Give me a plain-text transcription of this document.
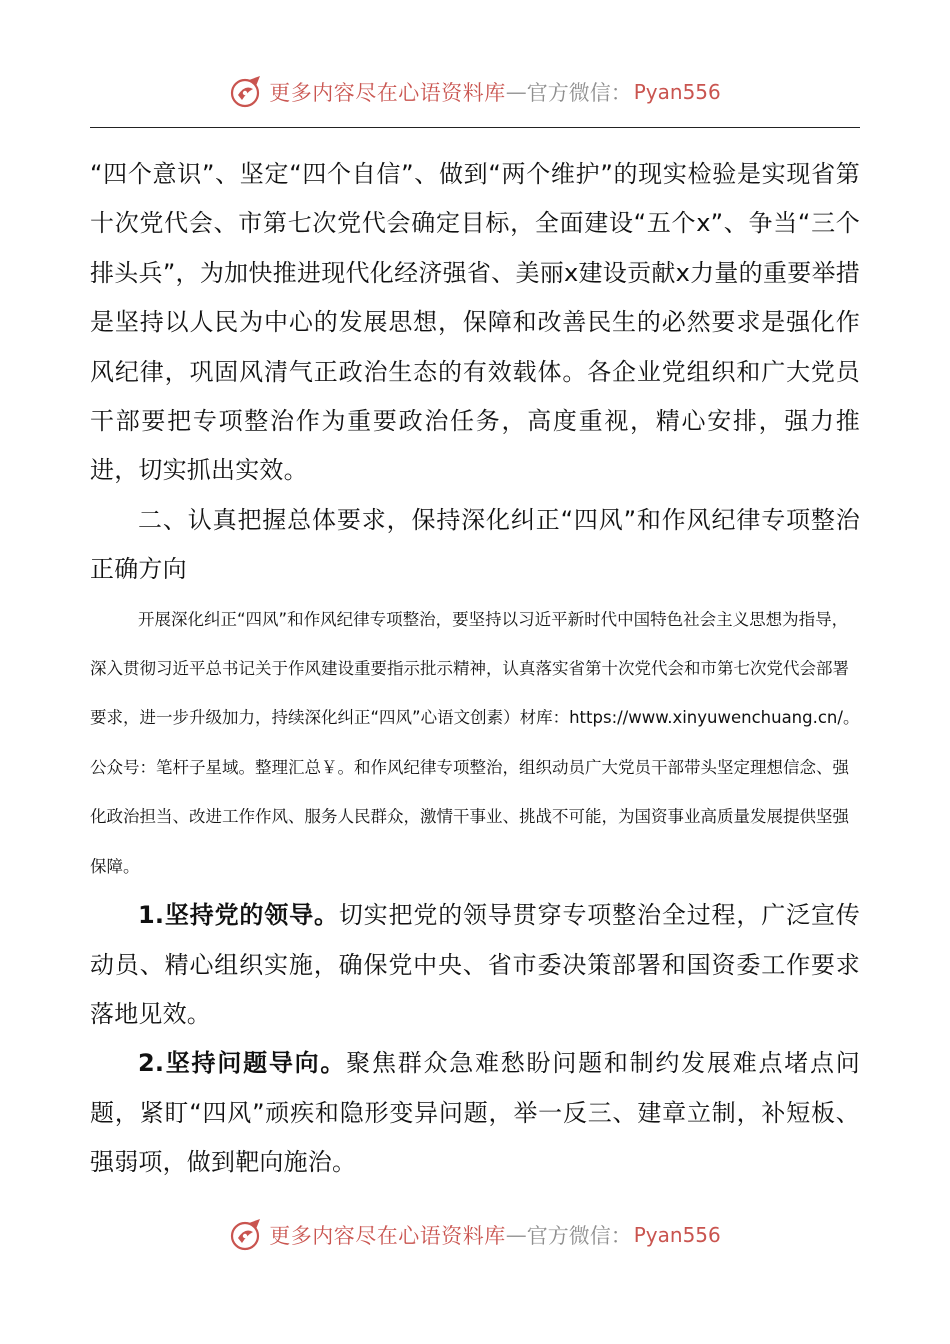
更多内容尽在心语资料库 — 官方微信： Pyan556

“四个意识”、坚定“四个自信”、做到“两个维护”的现实检验是实现省第十次党代会、市第七次党代会确定目标，全面建设“五个x”、争当“三个排头兵”，为加快推进现代化经济强省、美丽x建设贡献x力量的重要举措是坚持以人民为中心的发展思想，保障和改善民生的必然要求是强化作风纪律，巩固风清气正政治生态的有效载体。各企业党组织和广大党员干部要把专项整治作为重要政治任务，高度重视，精心安排，强力推进，切实抓出实效。

二、认真把握总体要求，保持深化纠正“四风”和作风纪律专项整治正确方向

开展深化纠正“四风”和作风纪律专项整治，要坚持以习近平新时代中国特色社会主义思想为指导，深入贯彻习近平总书记关于作风建设重要指示批示精神，认真落实省第十次党代会和市第七次党代会部署要求，进一步升级加力，持续深化纠正“四风”心语文创素）材库：https://www.xinyuwenchuang.cn/。公众号：笔杆子星域。整理汇总￥。和作风纪律专项整治，组织动员广大党员干部带头坚定理想信念、强化政治担当、改进工作作风、服务人民群众，激情干事业、挑战不可能，为国资事业高质量发展提供坚强保障。

1.坚持党的领导。切实把党的领导贯穿专项整治全过程，广泛宣传动员、精心组织实施，确保党中央、省市委决策部署和国资委工作要求落地见效。

2.坚持问题导向。聚焦群众急难愁盼问题和制约发展难点堵点问题，紧盯“四风”顽疾和隐形变异问题，举一反三、建章立制，补短板、强弱项，做到靶向施治。

更多内容尽在心语资料库 — 官方微信： Pyan556
